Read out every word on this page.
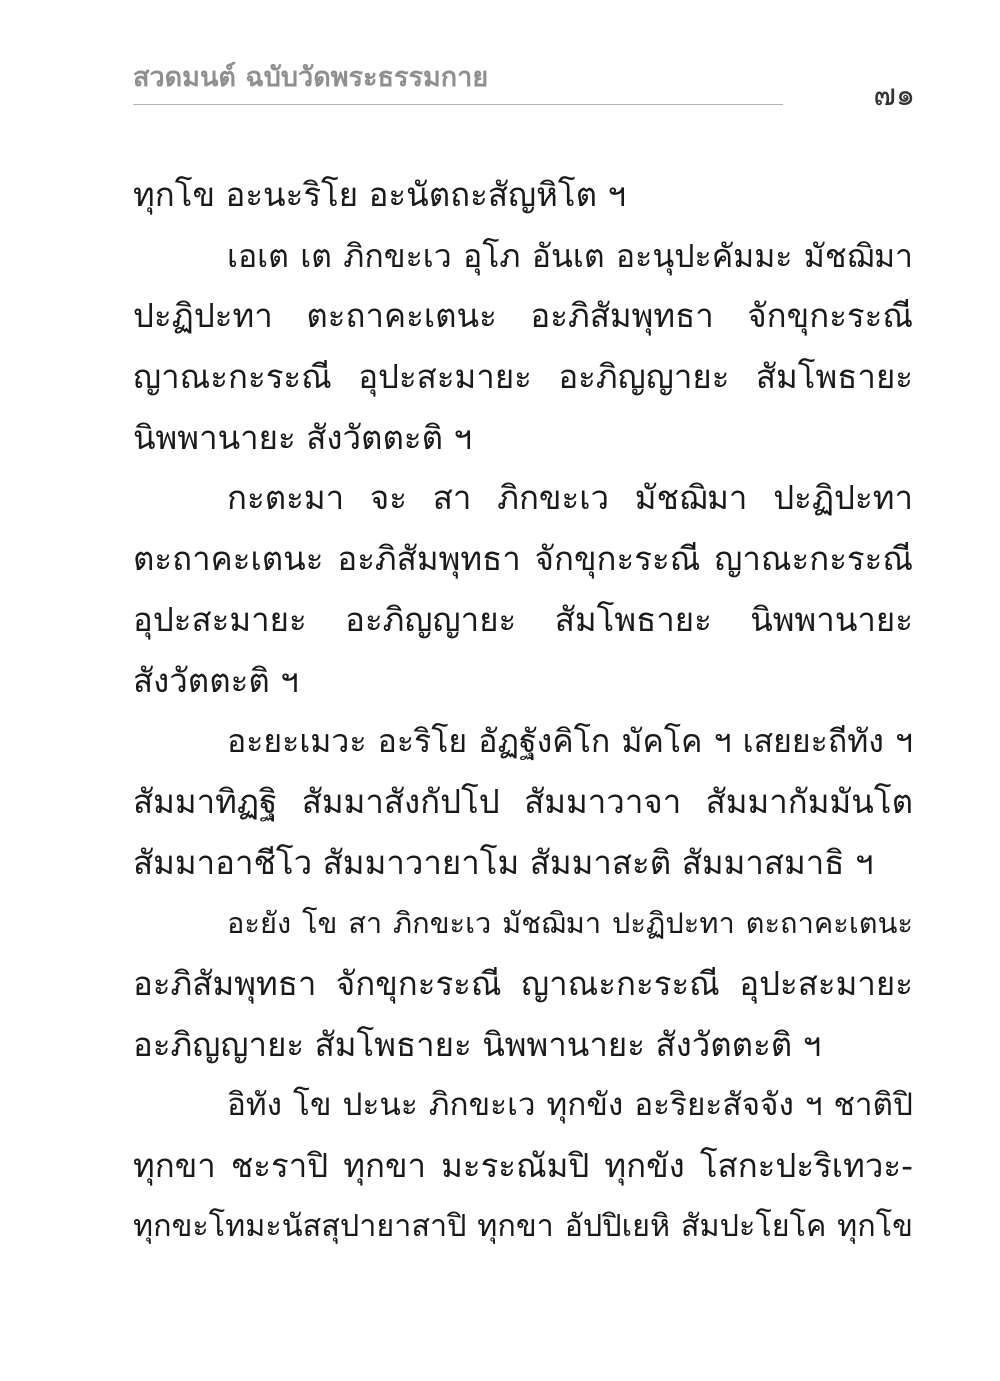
สวดมนต์ ฉบับวัดพระธรรมกาย
๗๑
ทุกโข อะนะริโย อะนัตถะสัญหิโต ฯ
เอเต เต ภิกขะเว อุโภ อันเต อะนุปะคัมมะ มัชฌิมา
ปะฏิปะทา ตะถาคะเตนะ อะภิสัมพุทธา จักขุกะระณี
ญาณะกะระณี อุปะสะมายะ อะภิญญายะ สัมโพธายะ
นิพพานายะ สังวัตตะติ ฯ
กะตะมา จะ สา ภิกขะเว มัชฌิมา ปะฏิปะทา
ตะถาคะเตนะ อะภิสัมพุทธา จักขุกะระณี ญาณะกะระณี
อุปะสะมายะ อะภิญญายะ สัมโพธายะ นิพพานายะ
สังวัตตะติ ฯ
อะยะเมวะ อะริโย อัฏฐังคิโก มัคโค ฯ เสยยะถีทัง ฯ
สัมมาทิฏฐิ สัมมาสังกัปโป สัมมาวาจา สัมมากัมมันโต
สัมมาอาชีโว สัมมาวายาโม สัมมาสะติ สัมมาสมาธิ ฯ
อะยัง โข สา ภิกขะเว มัชฌิมา ปะฏิปะทา ตะถาคะเตนะ
อะภิสัมพุทธา จักขุกะระณี ญาณะกะระณี อุปะสะมายะ
อะภิญญายะ สัมโพธายะ นิพพานายะ สังวัตตะติ ฯ
อิทัง โข ปะนะ ภิกขะเว ทุกขัง อะริยะสัจจัง ฯ ชาติปิ
ทุกขา ชะราปิ ทุกขา มะระณัมปิ ทุกขัง โสกะปะริเทวะ-
ทุกขะโทมะนัสสุปายาสาปิ ทุกขา อัปปิเยหิ สัมปะโยโค ทุกโข
